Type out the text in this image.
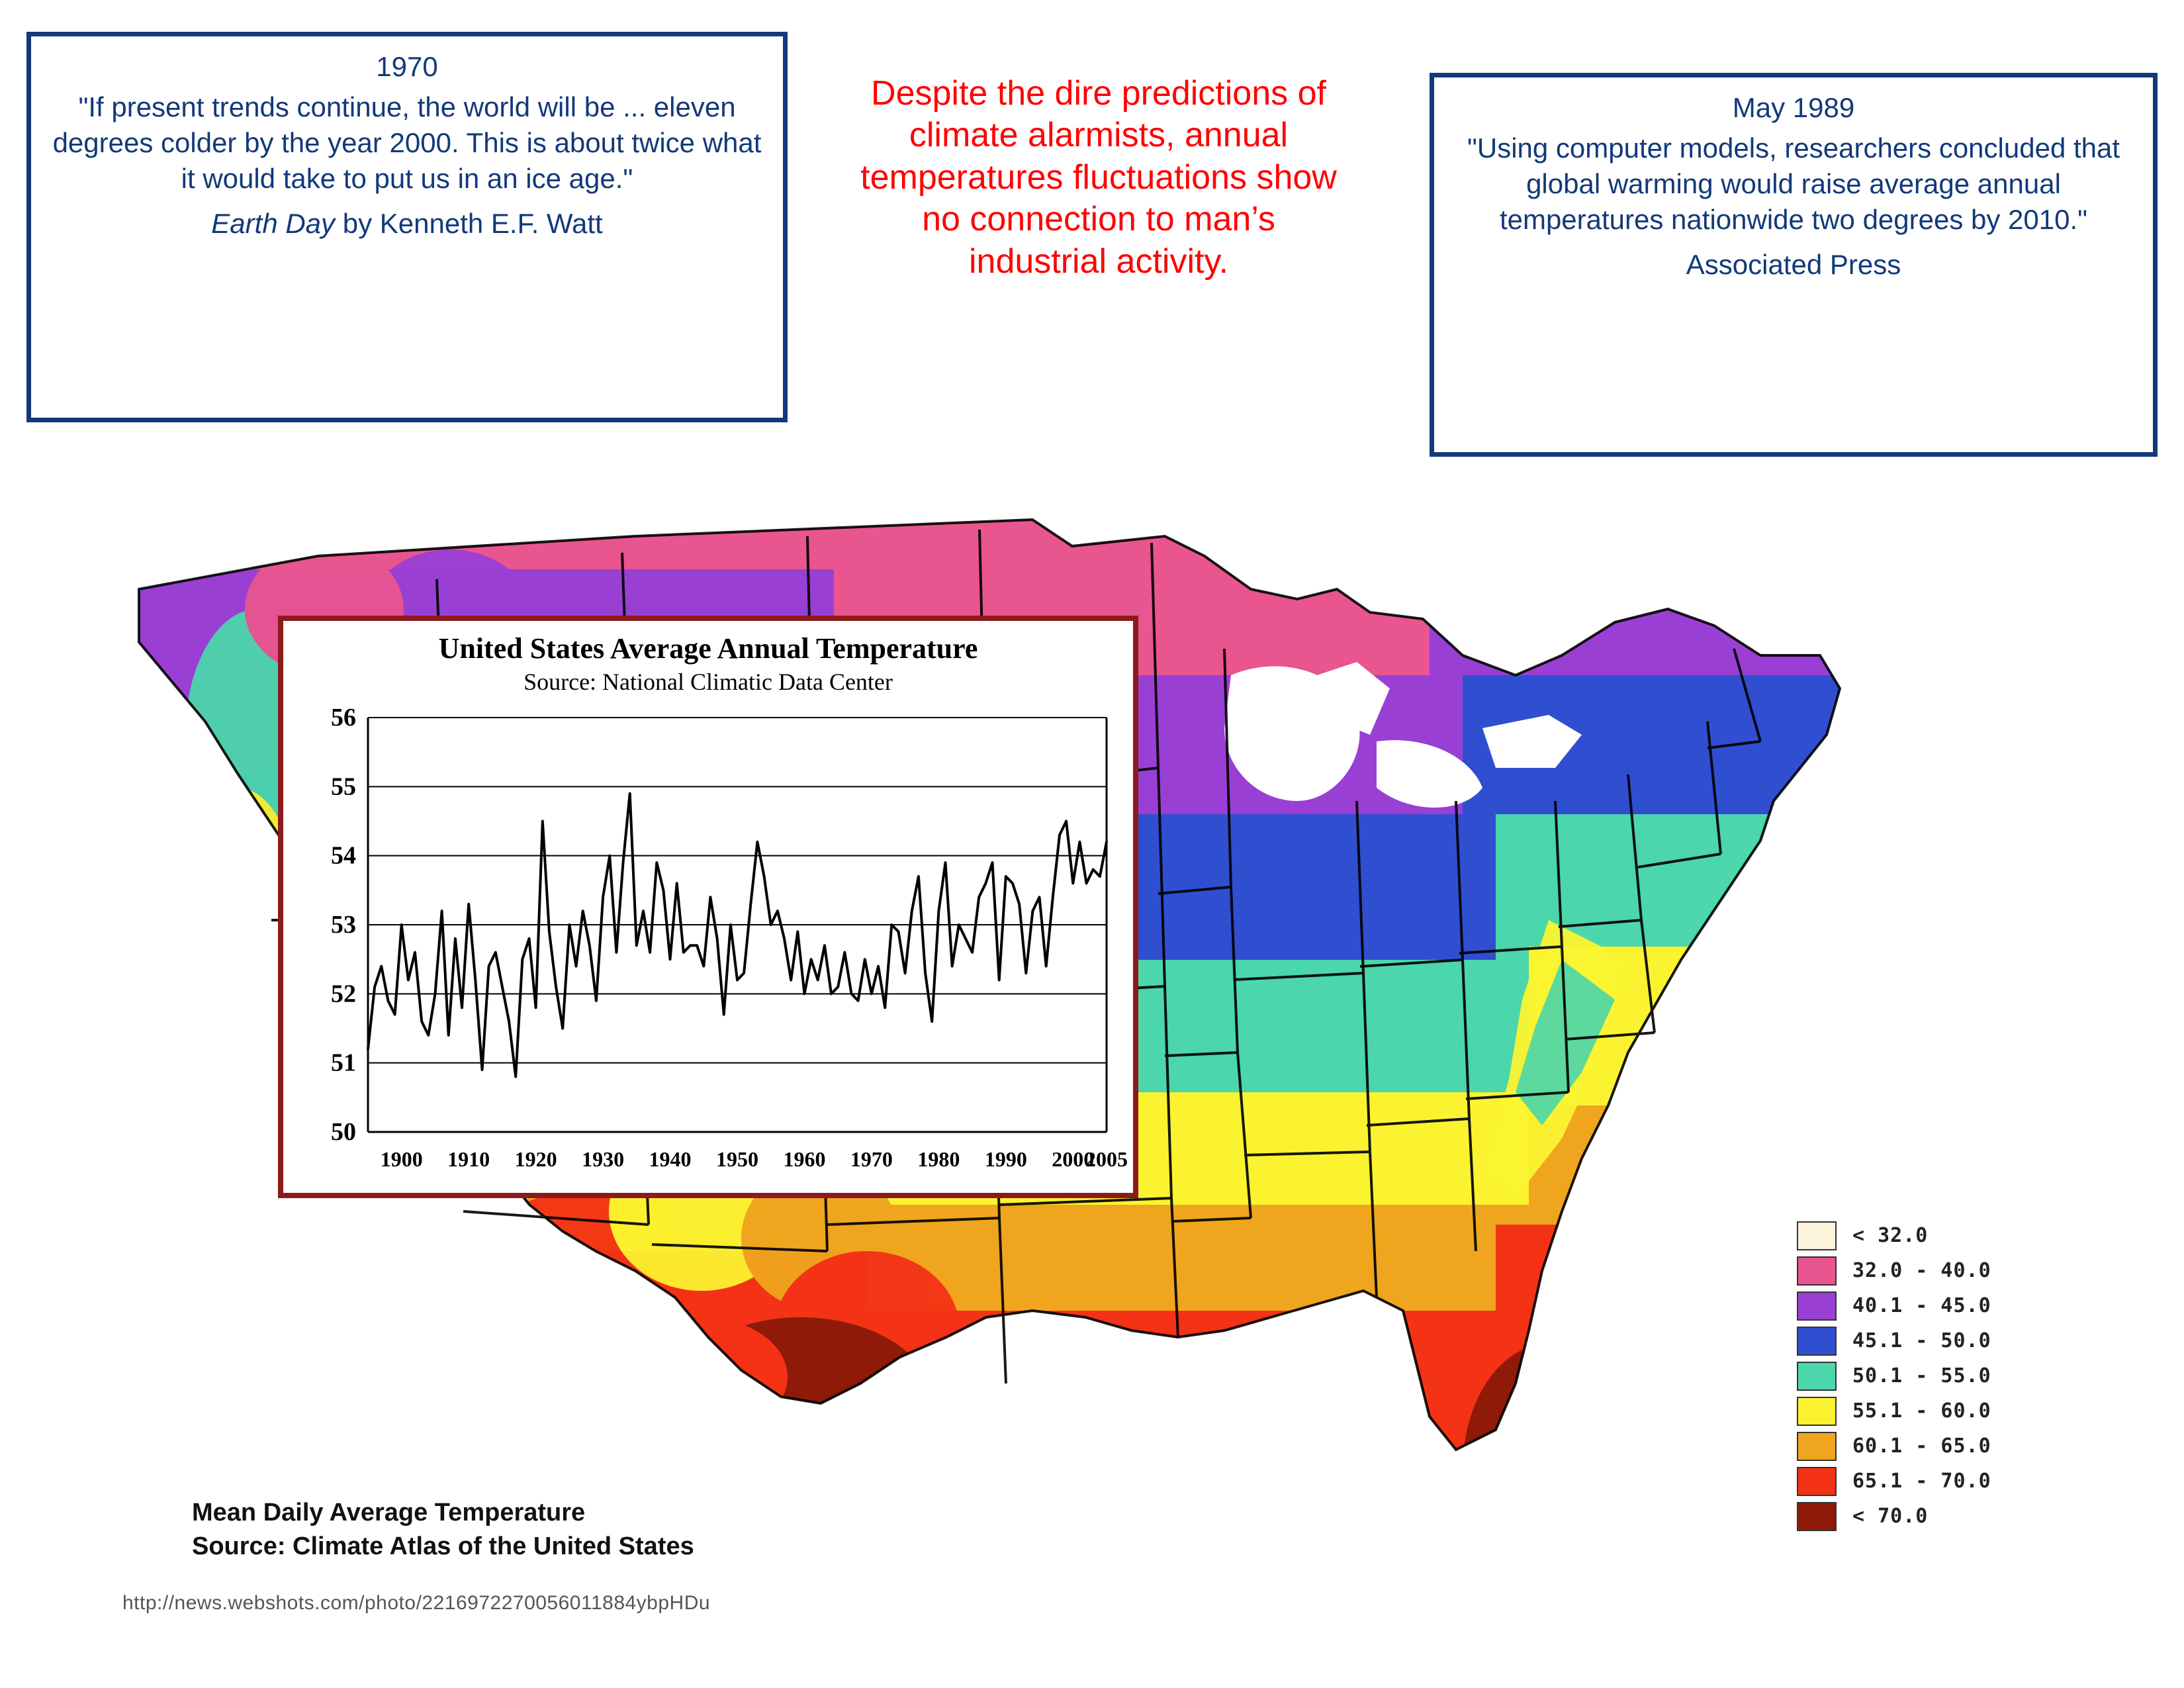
1970
"If present trends continue, the world will be ... eleven degrees colder by the year 2000. This is about twice what it would take to put us in an ice age."
Earth Day by Kenneth E.F. Watt
Despite the dire predictions of climate alarmists, annual temperatures fluctuations show no connection to man’s industrial activity.
May 1989
"Using computer models, researchers concluded that global warming would raise average annual temperatures nationwide two degrees by 2010."
Associated Press
Mean Daily Average Temperature
Source: Climate Atlas of the United States
http://news.webshots.com/photo/2216972270056011884ybpHDu
< 32.0
32.0 - 40.0
40.1 - 45.0
45.1 - 50.0
50.1 - 55.0
55.1 - 60.0
60.1 - 65.0
65.1 - 70.0
< 70.0
United States Average Annual Temperature
Source: National Climatic Data Center
50
51
52
53
54
55
56
1900 1910 1920 1930 1940 1950 1960 1970 1980 1990 2000
2005
